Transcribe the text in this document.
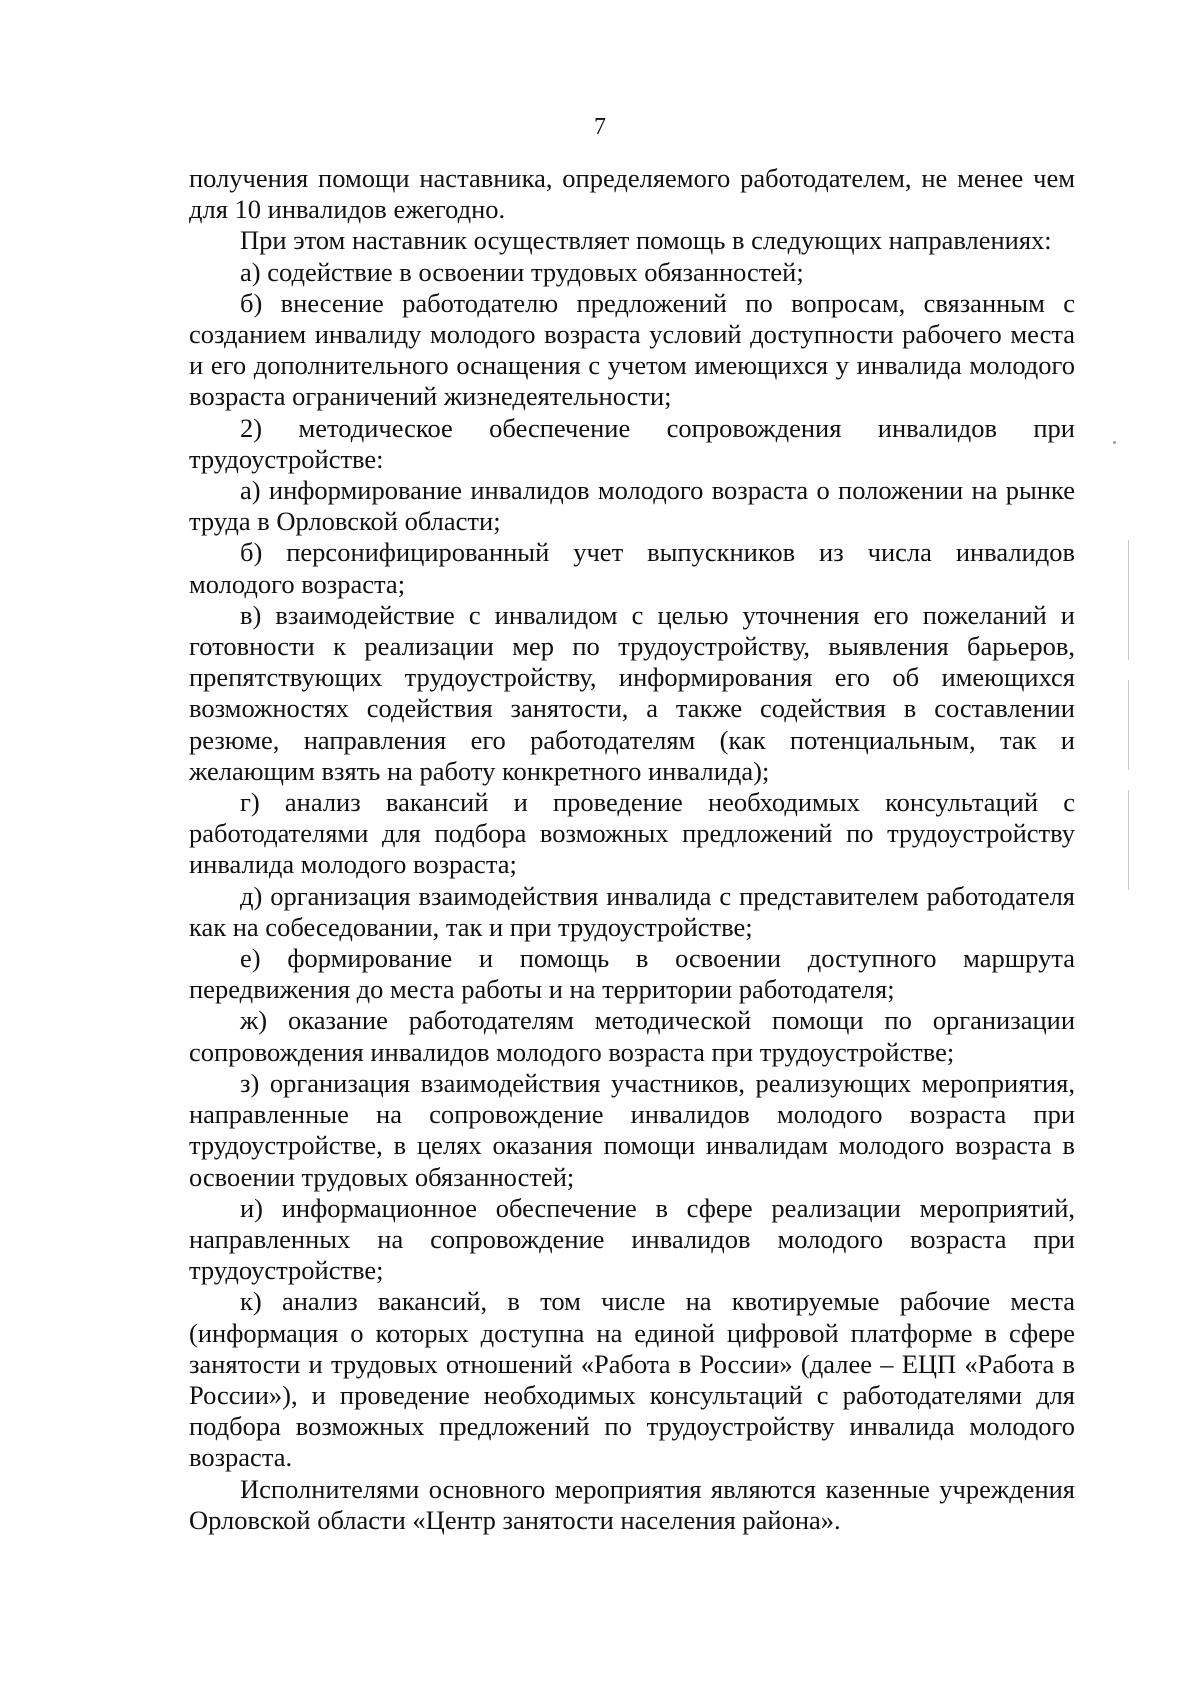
7

получения помощи наставника, определяемого работодателем, не менее чем для 10 инвалидов ежегодно.

При этом наставник осуществляет помощь в следующих направлениях:

а) содействие в освоении трудовых обязанностей;

б) внесение работодателю предложений по вопросам, связанным с созданием инвалиду молодого возраста условий доступности рабочего места и его дополнительного оснащения с учетом имеющихся у инвалида молодого возраста ограничений жизнедеятельности;

2) методическое обеспечение сопровождения инвалидов при трудоустройстве:

а) информирование инвалидов молодого возраста о положении на рынке труда в Орловской области;

б) персонифицированный учет выпускников из числа инвалидов молодого возраста;

в) взаимодействие с инвалидом с целью уточнения его пожеланий и готовности к реализации мер по трудоустройству, выявления барьеров, препятствующих трудоустройству, информирования его об имеющихся возможностях содействия занятости, а также содействия в составлении резюме, направления его работодателям (как потенциальным, так и желающим взять на работу конкретного инвалида);

г) анализ вакансий и проведение необходимых консультаций с работодателями для подбора возможных предложений по трудоустройству инвалида молодого возраста;

д) организация взаимодействия инвалида с представителем работодателя как на собеседовании, так и при трудоустройстве;

е) формирование и помощь в освоении доступного маршрута передвижения до места работы и на территории работодателя;

ж) оказание работодателям методической помощи по организации сопровождения инвалидов молодого возраста при трудоустройстве;

з) организация взаимодействия участников, реализующих мероприятия, направленные на сопровождение инвалидов молодого возраста при трудоустройстве, в целях оказания помощи инвалидам молодого возраста в освоении трудовых обязанностей;

и) информационное обеспечение в сфере реализации мероприятий, направленных на сопровождение инвалидов молодого возраста при трудоустройстве;

к) анализ вакансий, в том числе на квотируемые рабочие места (информация о которых доступна на единой цифровой платформе в сфере занятости и трудовых отношений «Работа в России» (далее – ЕЦП «Работа в России»), и проведение необходимых консультаций с работодателями для подбора возможных предложений по трудоустройству инвалида молодого возраста.

Исполнителями основного мероприятия являются казенные учреждения Орловской области «Центр занятости населения района».
